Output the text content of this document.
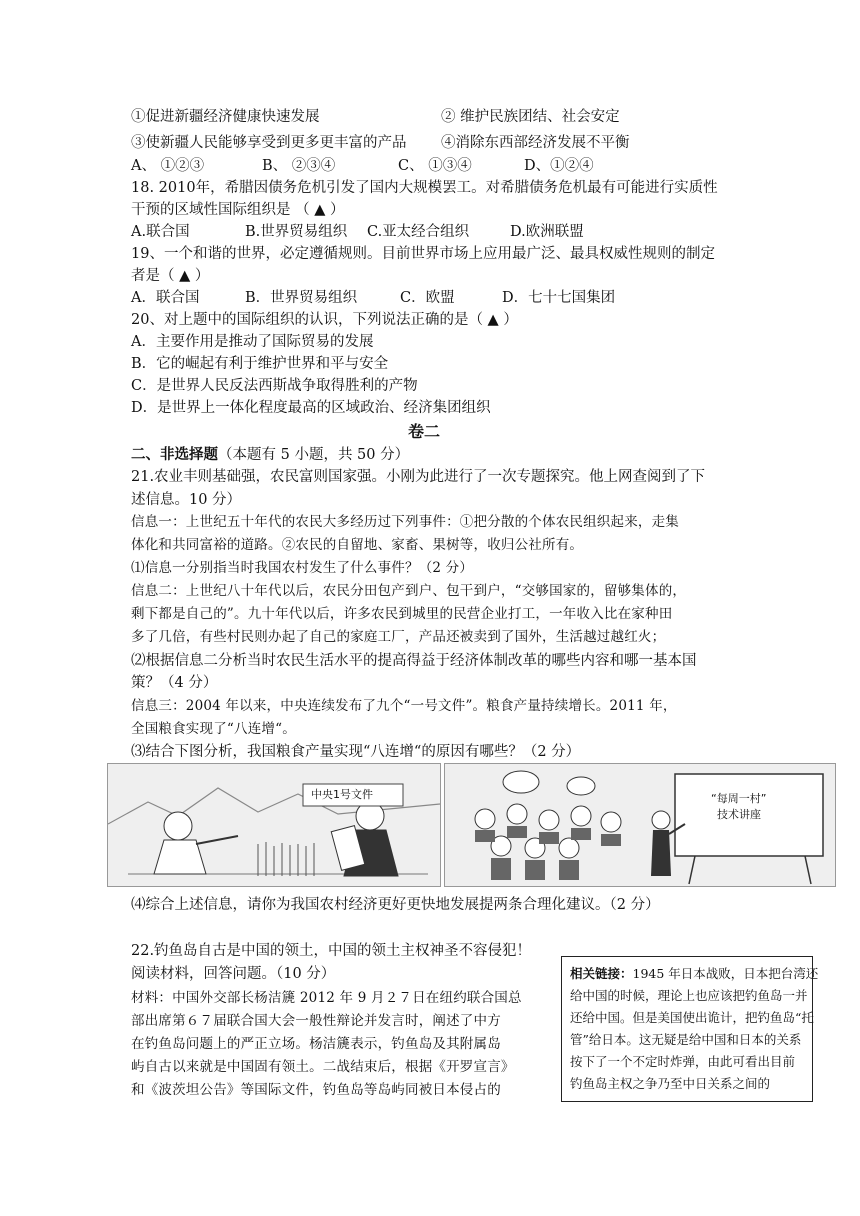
①促进新疆经济健康快速发展	② 维护民族团结、社会安定
③使新疆人民能够享受到更多更丰富的产品 ④消除东西部经济发展不平衡
A、 ①②③	B、 ②③④	C、 ①③④	D、①②④
18. 2010年，希腊因债务危机引发了国内大规模罢工。对希腊债务危机最有可能进行实质性
干预的区域性国际组织是 （ ▲ ）
A.联合国	B.世界贸易组织 C.亚太经合组织	D.欧洲联盟
19、一个和谐的世界，必定遵循规则。目前世界市场上应用最广泛、最具权威性规则的制定
者是（ ▲ ）
A．联合国	B．世界贸易组织	C．欧盟	D．七十七国集团
20、对上题中的国际组织的认识，下列说法正确的是（ ▲ ）
A．主要作用是推动了国际贸易的发展
B．它的崛起有利于维护世界和平与安全
C．是世界人民反法西斯战争取得胜利的产物
D．是世界上一体化程度最高的区域政治、经济集团组织
卷二
二、非选择题（本题有 5 小题，共 50 分）
21.农业丰则基础强，农民富则国家强。小刚为此进行了一次专题探究。他上网查阅到了下
述信息。10 分）
信息一：上世纪五十年代的农民大多经历过下列事件：①把分散的个体农民组织起来，走集
体化和共同富裕的道路。②农民的自留地、家畜、果树等，收归公社所有。
⑴信息一分别指当时我国农村发生了什么事件？（2 分）
信息二：上世纪八十年代以后，农民分田包产到户、包干到户，“交够国家的，留够集体的，
剩下都是自己的”。九十年代以后，许多农民到城里的民营企业打工，一年收入比在家种田
多了几倍，有些村民则办起了自己的家庭工厂，产品还被卖到了国外，生活越过越红火；
⑵根据信息二分析当时农民生活水平的提高得益于经济体制改革的哪些内容和哪一基本国
策？（4 分）
信息三：2004 年以来，中央连续发布了九个“一号文件”。粮食产量持续增长。2011 年，
全国粮食实现了“八连增“。
⑶结合下图分析，我国粮食产量实现“八连增“的原因有哪些？（2 分）
中央1号文件	“每周一村”
技术讲座
⑷综合上述信息，请你为我国农村经济更好更快地发展提两条合理化建议。（2 分）
22.钓鱼岛自古是中国的领土，中国的领土主权神圣不容侵犯！
阅读材料，回答问题。（10 分）
材料：中国外交部长杨洁篪 2012 年 9 月２７日在纽约联合国总
部出席第６７届联合国大会一般性辩论并发言时，阐述了中方
在钓鱼岛问题上的严正立场。杨洁篪表示，钓鱼岛及其附属岛
屿自古以来就是中国固有领土。二战结束后，根据《开罗宣言》
和《波茨坦公告》等国际文件，钓鱼岛等岛屿同被日本侵占的

相关链接：1945 年日本战败，日本把台湾还

给中国的时候，理论上也应该把钓鱼岛一并

还给中国。但是美国使出诡计，把钓鱼岛“托

管”给日本。这无疑是给中国和日本的关系

按下了一个不定时炸弹，由此可看出目前

钓鱼岛主权之争乃至中日关系之间的
